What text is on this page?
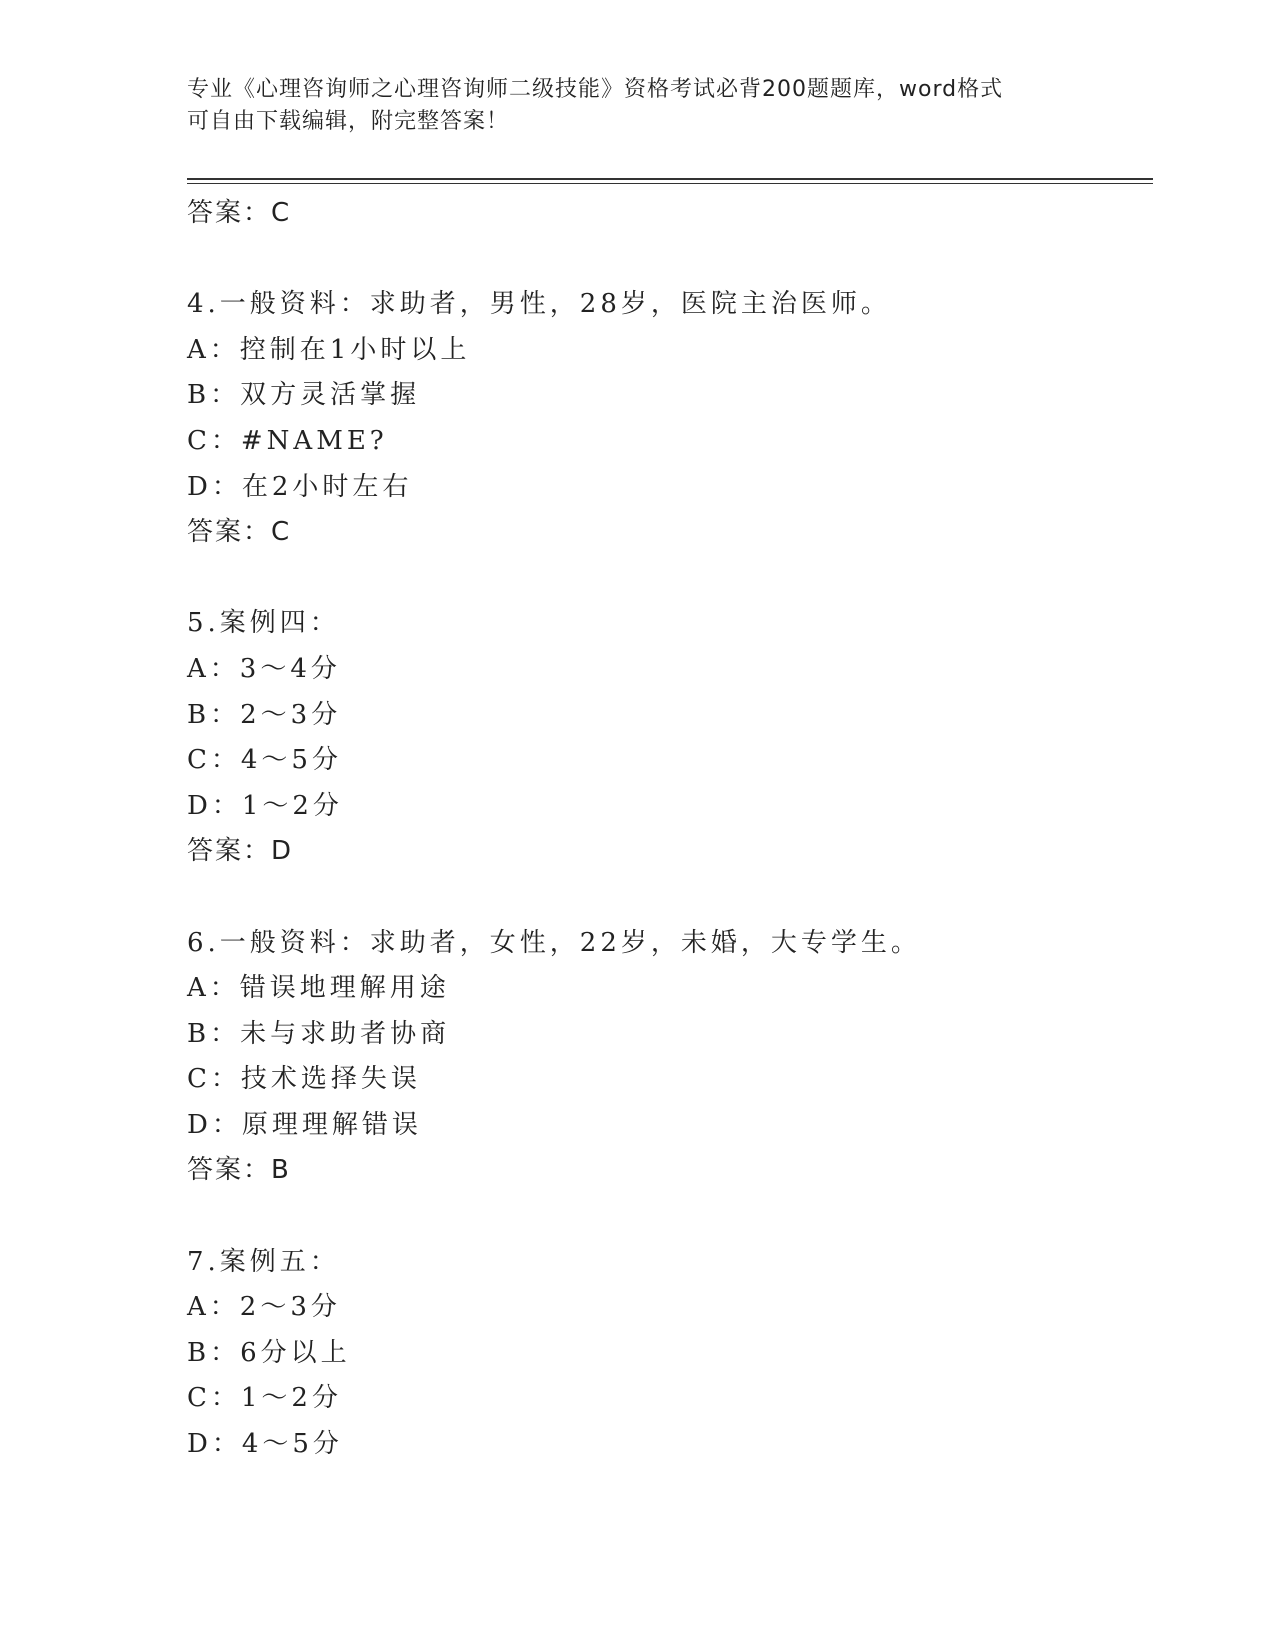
专业《心理咨询师之心理咨询师二级技能》资格考试必背200题题库，word格式
可自由下载编辑，附完整答案！
答案：C
4.一般资料：求助者，男性，28岁，医院主治医师。
A：控制在1小时以上
B：双方灵活掌握
C：#NAME?
D：在2小时左右
答案：C
5.案例四：
A：3～4分
B：2～3分
C：4～5分
D：1～2分
答案：D
6.一般资料：求助者，女性，22岁，未婚，大专学生。
A：错误地理解用途
B：未与求助者协商
C：技术选择失误
D：原理理解错误
答案：B
7.案例五：
A：2～3分
B：6分以上
C：1～2分
D：4～5分
